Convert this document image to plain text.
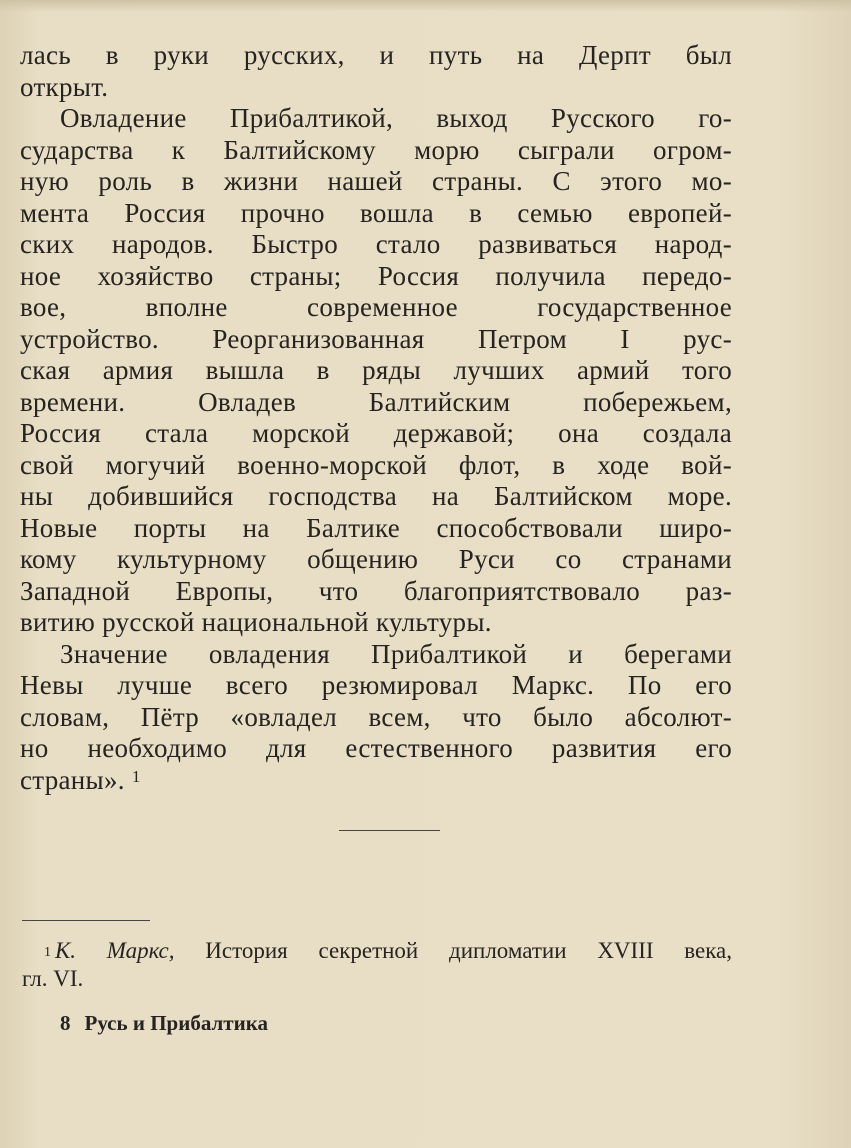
лась в руки русских, и путь на Дерпт был
открыт.
Овладение Прибалтикой, выход Русского го-
сударства к Балтийскому морю сыграли огром-
ную роль в жизни нашей страны. С этого мо-
мента Россия прочно вошла в семью европей-
ских народов. Быстро стало развиваться народ-
ное хозяйство страны; Россия получила передо-
вое, вполне современное государственное
устройство. Реорганизованная Петром I рус-
ская армия вышла в ряды лучших армий того
времени. Овладев Балтийским побережьем,
Россия стала морской державой; она создала
свой могучий военно-морской флот, в ходе вой-
ны добившийся господства на Балтийском море.
Новые порты на Балтике способствовали широ-
кому культурному общению Руси со странами
Западной Европы, что благоприятствовало раз-
витию русской национальной культуры.
Значение овладения Прибалтикой и берегами
Невы лучше всего резюмировал Маркс. По его
словам, Пётр «овладел всем, что было абсолют-
но необходимо для естественного развития его
страны». $^1$
$^1$ К. Маркс, История секретной дипломатии XVIII века,
гл. VI.
8 Русь и Прибалтика
